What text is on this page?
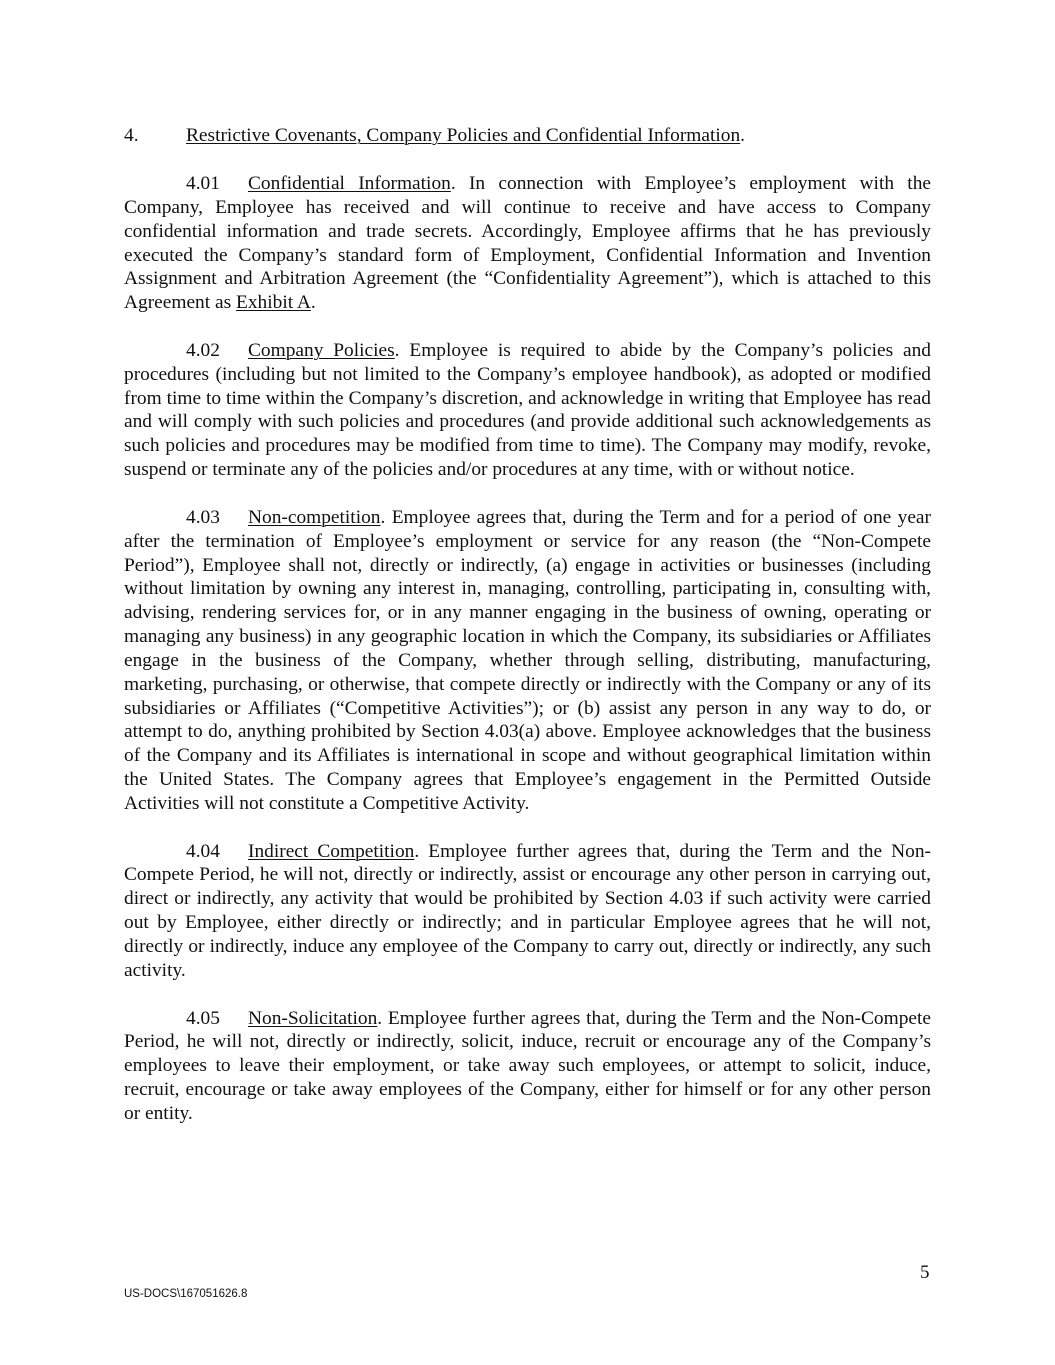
4.	Restrictive Covenants, Company Policies and Confidential Information.

4.01 Confidential Information. In connection with Employee’s employment with the Company, Employee has received and will continue to receive and have access to Company confidential information and trade secrets. Accordingly, Employee affirms that he has previously executed the Company’s standard form of Employment, Confidential Information and Invention Assignment and Arbitration Agreement (the “Confidentiality Agreement”), which is attached to this Agreement as Exhibit A.

4.02 Company Policies. Employee is required to abide by the Company’s policies and procedures (including but not limited to the Company’s employee handbook), as adopted or modified from time to time within the Company’s discretion, and acknowledge in writing that Employee has read and will comply with such policies and procedures (and provide additional such acknowledgements as such policies and procedures may be modified from time to time). The Company may modify, revoke, suspend or terminate any of the policies and/or procedures at any time, with or without notice.

4.03 Non-competition. Employee agrees that, during the Term and for a period of one year after the termination of Employee’s employment or service for any reason (the “Non-Compete Period”), Employee shall not, directly or indirectly, (a) engage in activities or businesses (including without limitation by owning any interest in, managing, controlling, participating in, consulting with, advising, rendering services for, or in any manner engaging in the business of owning, operating or managing any business) in any geographic location in which the Company, its subsidiaries or Affiliates engage in the business of the Company, whether through selling, distributing, manufacturing, marketing, purchasing, or otherwise, that compete directly or indirectly with the Company or any of its subsidiaries or Affiliates (“Competitive Activities”); or (b) assist any person in any way to do, or attempt to do, anything prohibited by Section 4.03(a) above. Employee acknowledges that the business of the Company and its Affiliates is international in scope and without geographical limitation within the United States. The Company agrees that Employee’s engagement in the Permitted Outside Activities will not constitute a Competitive Activity.

4.04 Indirect Competition. Employee further agrees that, during the Term and the Non-Compete Period, he will not, directly or indirectly, assist or encourage any other person in carrying out, direct or indirectly, any activity that would be prohibited by Section 4.03 if such activity were carried out by Employee, either directly or indirectly; and in particular Employee agrees that he will not, directly or indirectly, induce any employee of the Company to carry out, directly or indirectly, any such activity.

4.05 Non-Solicitation. Employee further agrees that, during the Term and the Non-Compete Period, he will not, directly or indirectly, solicit, induce, recruit or encourage any of the Company’s employees to leave their employment, or take away such employees, or attempt to solicit, induce, recruit, encourage or take away employees of the Company, either for himself or for any other person or entity.

5
US-DOCS\167051626.8
